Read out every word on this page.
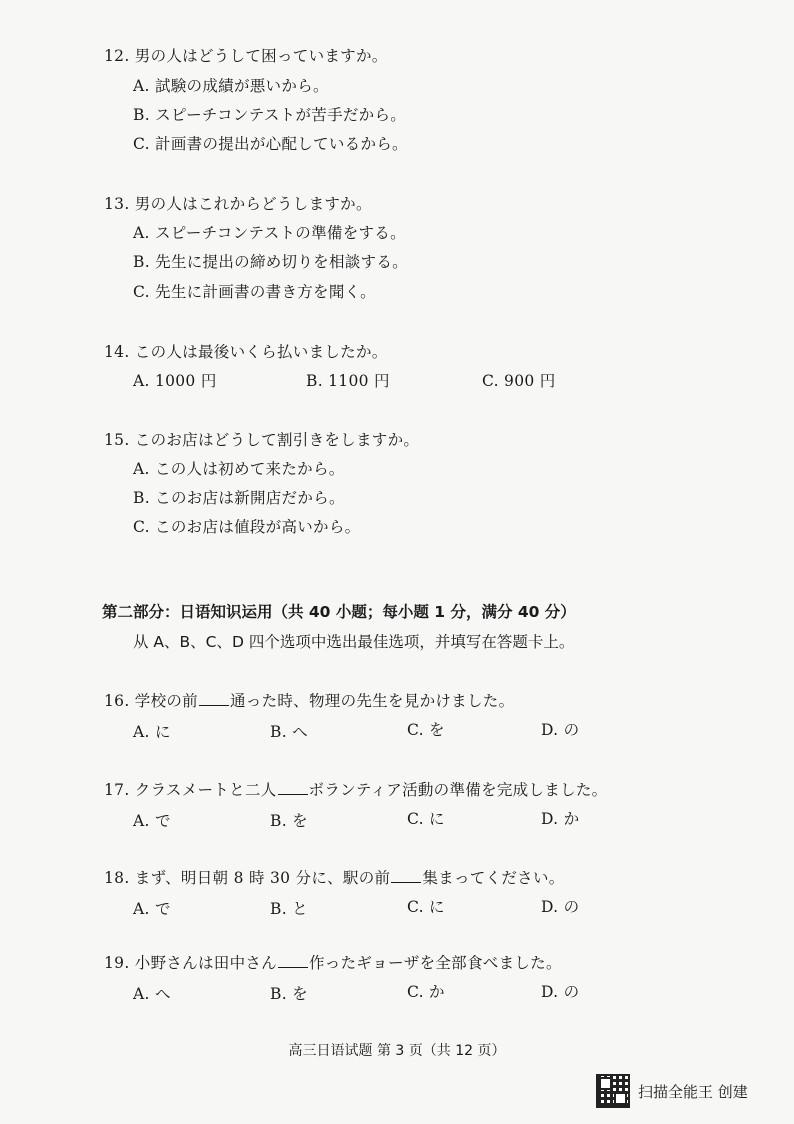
12. 男の人はどうして困っていますか。
A. 試験の成績が悪いから。
B. スピーチコンテストが苦手だから。
C. 計画書の提出が心配しているから。
13. 男の人はこれからどうしますか。
A. スピーチコンテストの準備をする。
B. 先生に提出の締め切りを相談する。
C. 先生に計画書の書き方を聞く。
14. この人は最後いくら払いましたか。
A. 1000 円	B. 1100 円	C. 900 円
15. このお店はどうして割引きをしますか。
A. この人は初めて来たから。
B. このお店は新開店だから。
C. このお店は値段が高いから。
第二部分：日语知识运用（共 40 小题；每小题 1 分，满分 40 分）
从 A、B、C、D 四个选项中选出最佳选项，并填写在答题卡上。
16. 学校の前 通った時、物理の先生を見かけました。
A. に	B. へ	C. を	D. の
17. クラスメートと二人 ボランティア活動の準備を完成しました。
A. で	B. を	C. に	D. か
18. まず、明日朝 8 時 30 分に、駅の前 集まってください。
A. で	B. と	C. に	D. の
19. 小野さんは田中さん 作ったギョーザを全部食べました。
A. へ	B. を	C. か	D. の
高三日语试题 第 3 页（共 12 页）
扫描全能王 创建
